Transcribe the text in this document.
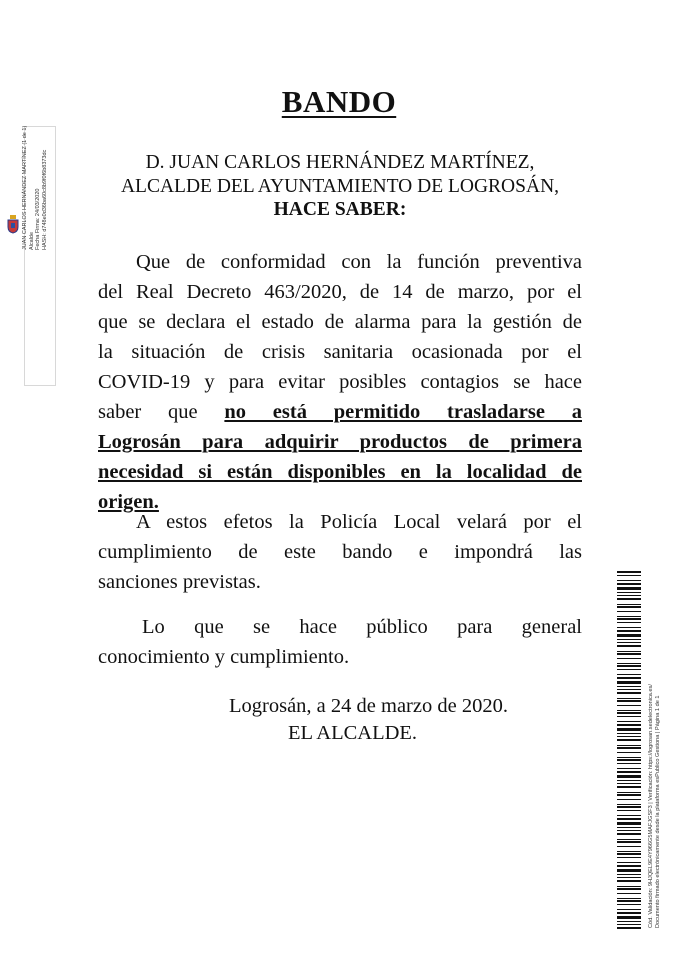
JUAN CARLOS HERNÁNDEZ MARTÍNEZ (1 de 1) Alcalde Fecha Firma: 24/03/2020 HASH: d748e0d36ba60c8b9f0f6b8373dc
BANDO
D. JUAN CARLOS HERNÁNDEZ MARTÍNEZ,
ALCALDE DEL AYUNTAMIENTO DE LOGROSÁN,
HACE SABER:

Que de conformidad con la función preventiva

del Real Decreto 463/2020, de 14 de marzo, por el

que se declara el estado de alarma para la gestión de

la situación de crisis sanitaria ocasionada por el

COVID-19 y para evitar posibles contagios se hace

saber que no está permitido trasladarse a

Logrosán para adquirir productos de primera

necesidad si están disponibles en la localidad de

origen.

A estos efetos la Policía Local velará por el

cumplimiento de este bando e impondrá las

sanciones previstas.

Lo que se hace público para general

conocimiento y cumplimiento.

Logrosán, a 24 de marzo de 2020.
EL ALCALDE.	Cód. Validación: 9HJQEL9E4Y966G5MAFJGSF3 | Verificación: https://logrosan.sedelectronica.es/ Documento firmado electrónicamente desde la plataforma esPublico Gestiona | Página 1 de 1
